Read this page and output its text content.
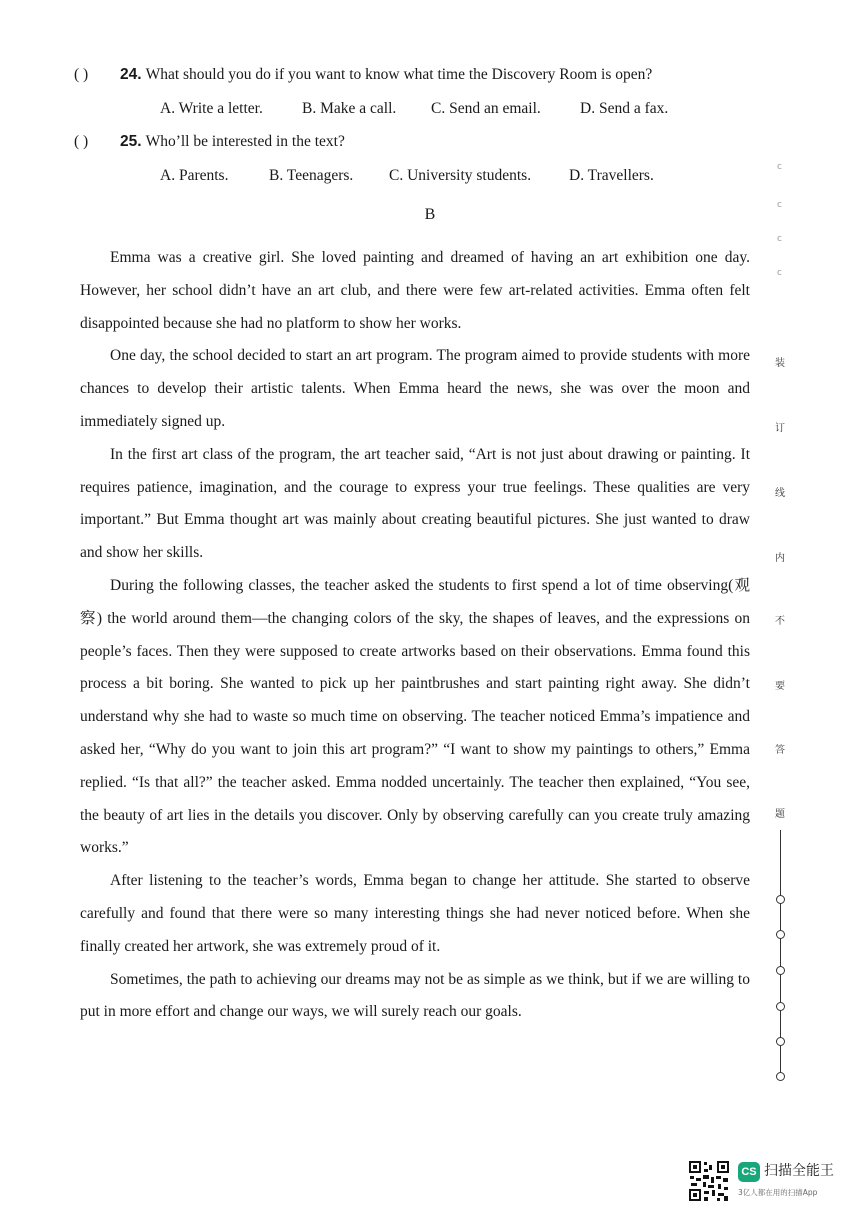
( ) 24. What should you do if you want to know what time the Discovery Room is open?
A. Write a letter.	B. Make a call.	C. Send an email.	D. Send a fax.
( ) 25. Who’ll be interested in the text?
A. Parents.	B. Teenagers.	C. University students.	D. Travellers.
B

Emma was a creative girl. She loved painting and dreamed of having an art exhibition one day. However, her school didn’t have an art club, and there were few art-related activities. Emma often felt disappointed because she had no platform to show her works.

One day, the school decided to start an art program. The program aimed to provide students with more chances to develop their artistic talents. When Emma heard the news, she was over the moon and immediately signed up.

In the first art class of the program, the art teacher said, “Art is not just about drawing or painting. It requires patience, imagination, and the courage to express your true feelings. These qualities are very important.” But Emma thought art was mainly about creating beautiful pictures. She just wanted to draw and show her skills.

During the following classes, the teacher asked the students to first spend a lot of time observing(观察) the world around them—the changing colors of the sky, the shapes of leaves, and the expressions on people’s faces. Then they were supposed to create artworks based on their observations. Emma found this process a bit boring. She wanted to pick up her paintbrushes and start painting right away. She didn’t understand why she had to waste so much time on observing. The teacher noticed Emma’s impatience and asked her, “Why do you want to join this art program?” “I want to show my paintings to others,” Emma replied. “Is that all?” the teacher asked. Emma nodded uncertainly. The teacher then explained, “You see, the beauty of art lies in the details you discover. Only by observing carefully can you create truly amazing works.”

After listening to the teacher’s words, Emma began to change her attitude. She started to observe carefully and found that there were so many interesting things she had never noticed before. When she finally created her artwork, she was extremely proud of it.

Sometimes, the path to achieving our dreams may not be as simple as we think, but if we are willing to put in more effort and change our ways, we will surely reach our goals.

c
c
c
c
装
订
线
内
不
要
答
题
CS 扫描全能王
3亿人都在用的扫描App
